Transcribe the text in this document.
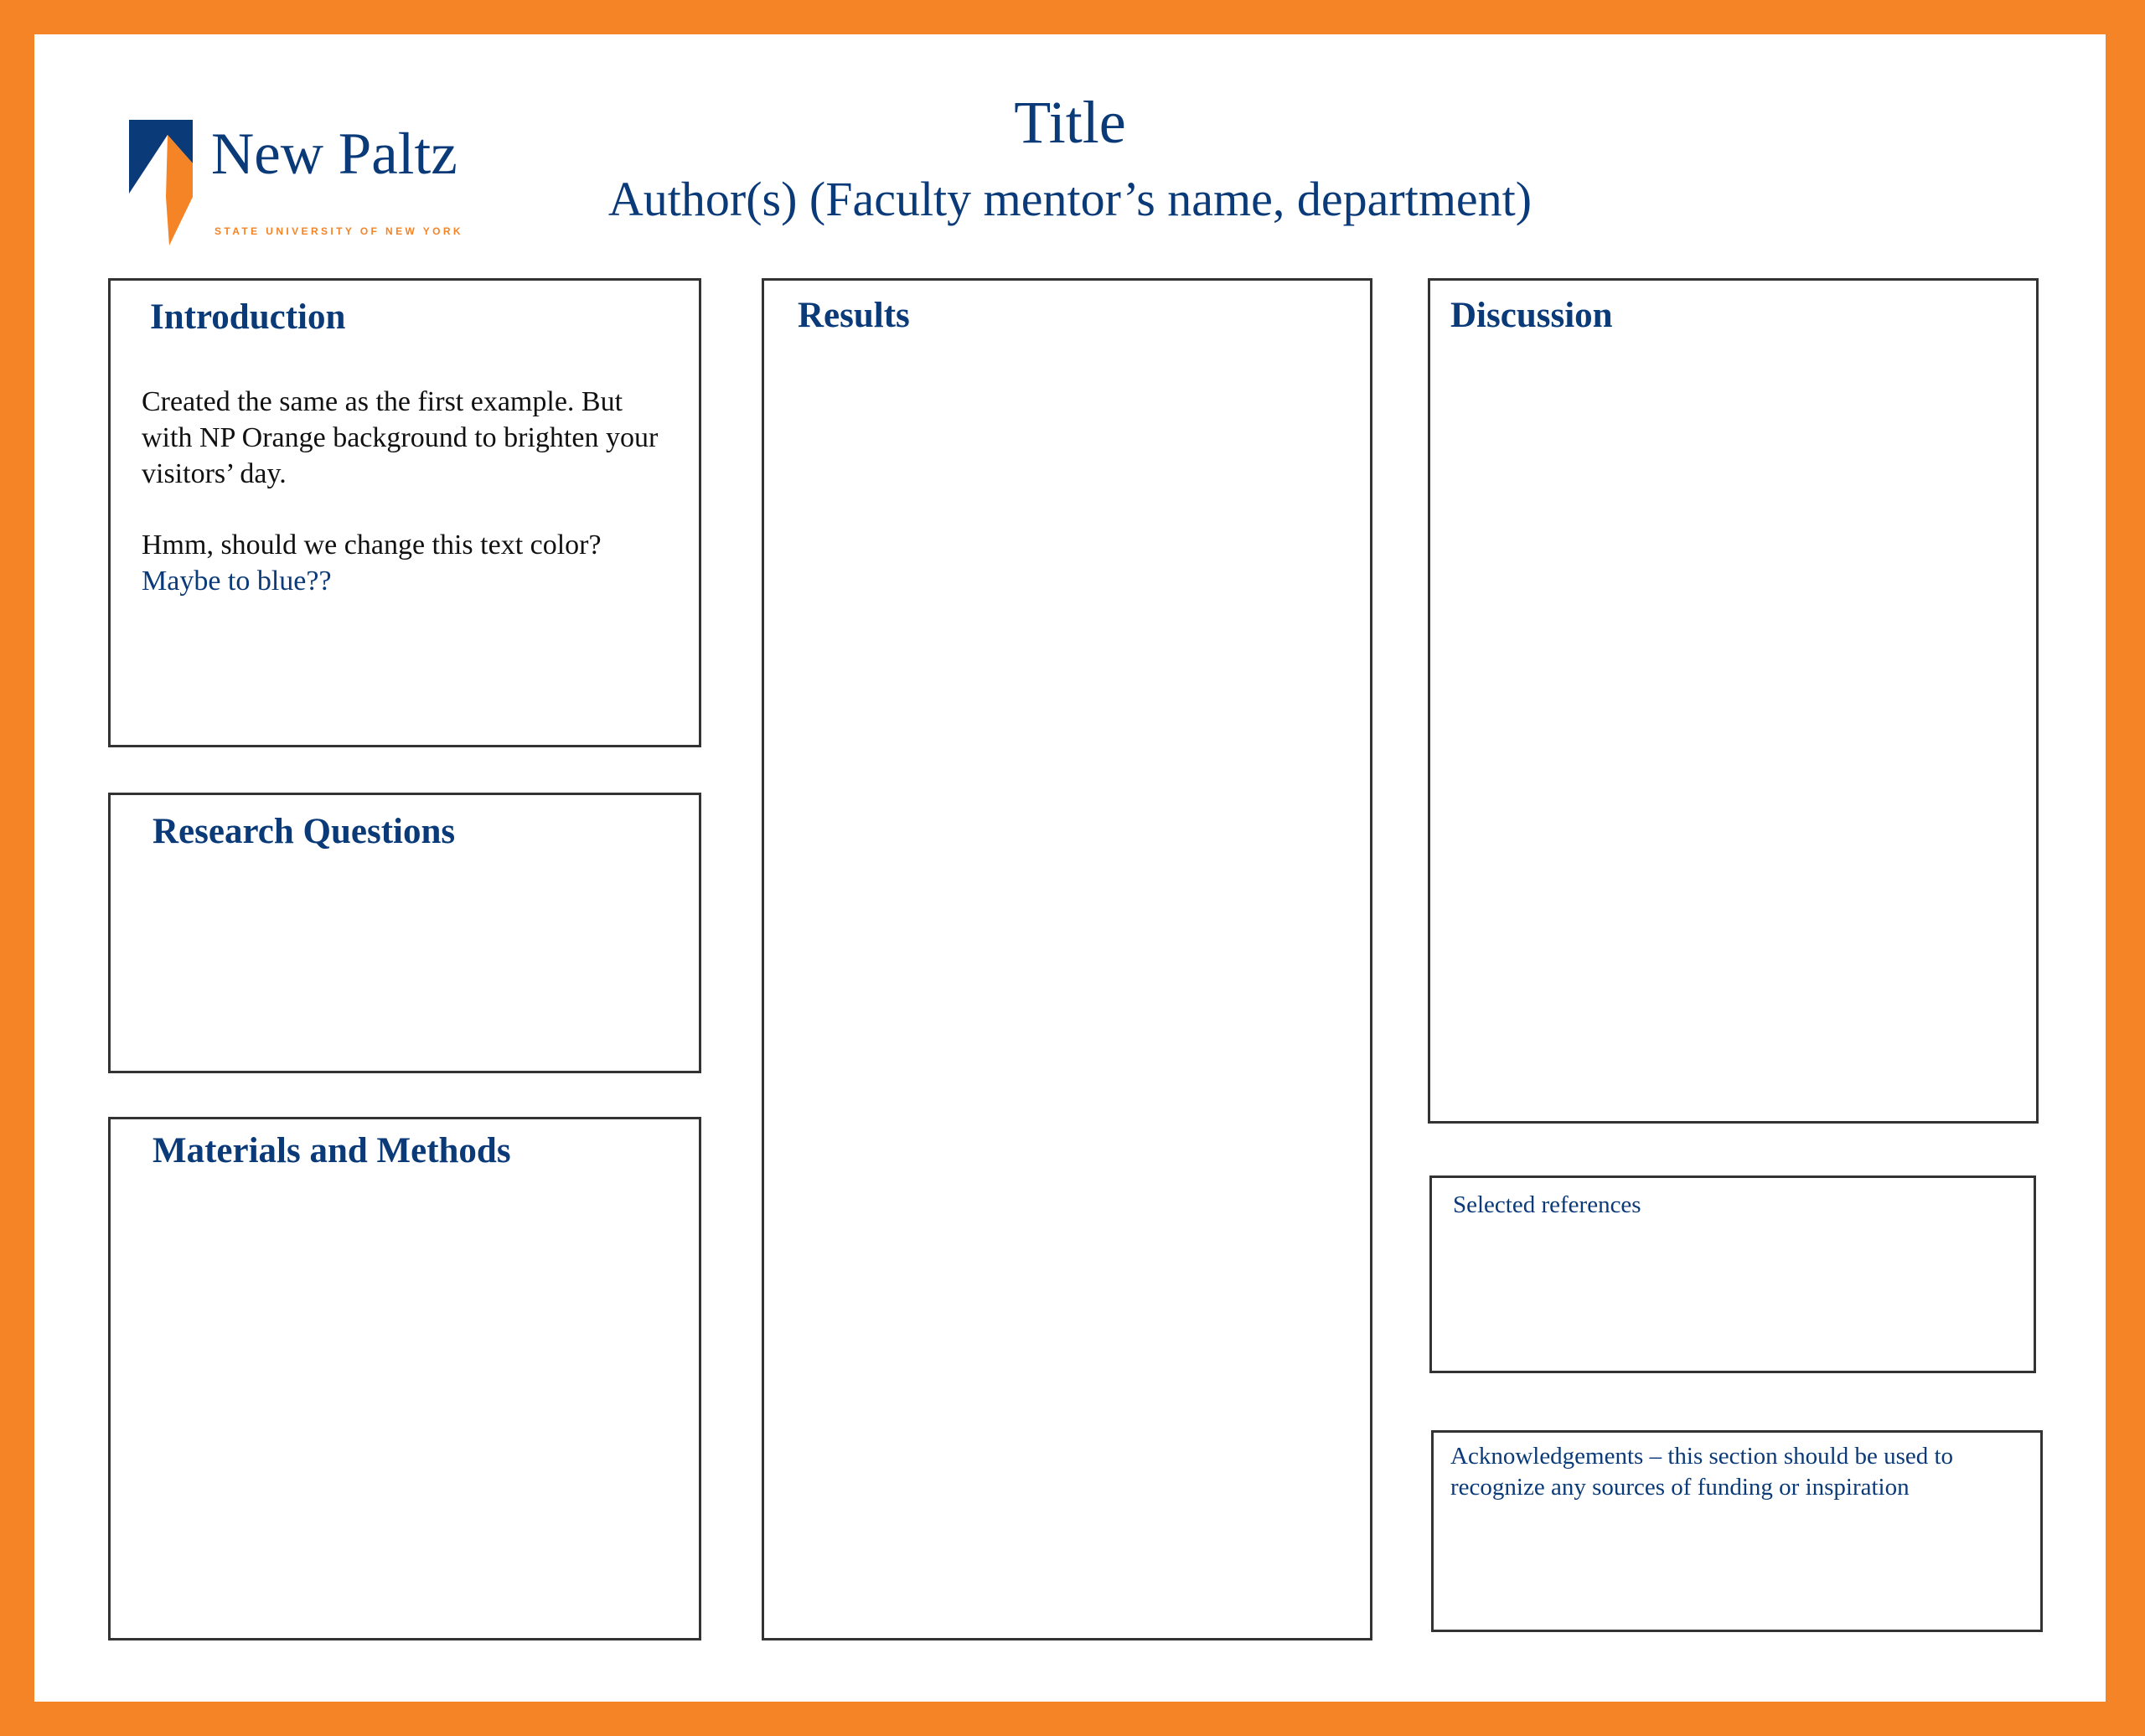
New Paltz
STATE UNIVERSITY OF NEW YORK
Title
Author(s) (Faculty mentor’s name, department)
Introduction

Created the same as the first example. But with NP Orange background to brighten your visitors’ day.

Hmm, should we change this text color?
Maybe to blue??

Research Questions
Materials and Methods
Results	Discussion

Selected references

Acknowledgements – this section should be used to recognize any sources of funding or inspiration
